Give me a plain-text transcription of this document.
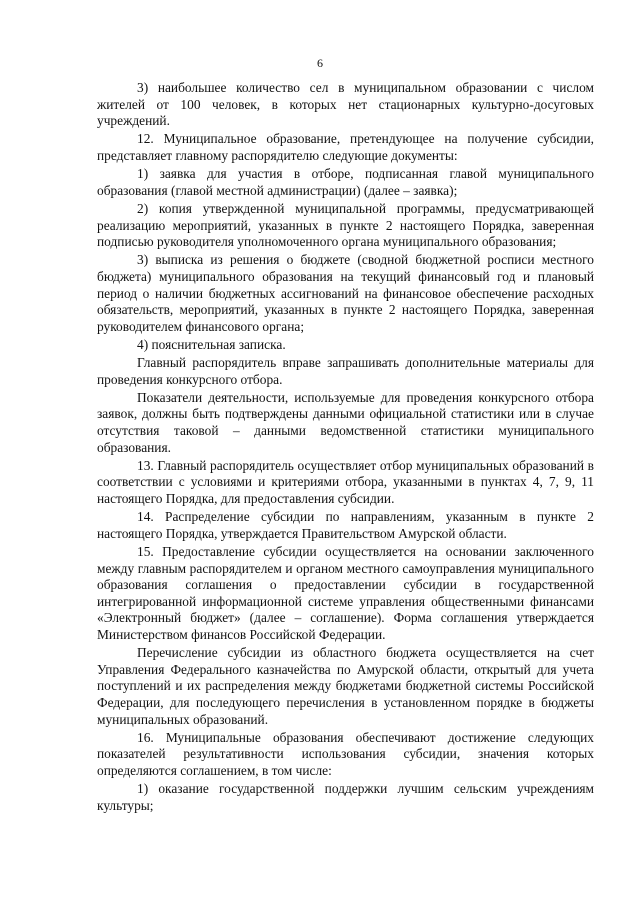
6

3) наибольшее количество сел в муниципальном образовании с числом жителей от 100 человек, в которых нет стационарных культурно-досуговых учреждений.

12. Муниципальное образование, претендующее на получение субсидии, представляет главному распорядителю следующие документы:

1) заявка для участия в отборе, подписанная главой муниципального образования (главой местной администрации) (далее – заявка);

2) копия утвержденной муниципальной программы, предусматривающей реализацию мероприятий, указанных в пункте 2 настоящего Порядка, заверенная подписью руководителя уполномоченного органа муниципального образования;

3) выписка из решения о бюджете (сводной бюджетной росписи местного бюджета) муниципального образования на текущий финансовый год и плановый период о наличии бюджетных ассигнований на финансовое обеспечение расходных обязательств, мероприятий, указанных в пункте 2 настоящего Порядка, заверенная руководителем финансового органа;

4) пояснительная записка.

Главный распорядитель вправе запрашивать дополнительные материалы для проведения конкурсного отбора.

Показатели деятельности, используемые для проведения конкурсного отбора заявок, должны быть подтверждены данными официальной статистики или в случае отсутствия таковой – данными ведомственной статистики муниципального образования.

13. Главный распорядитель осуществляет отбор муниципальных образований в соответствии с условиями и критериями отбора, указанными в пунктах 4, 7, 9, 11 настоящего Порядка, для предоставления субсидии.

14. Распределение субсидии по направлениям, указанным в пункте 2 настоящего Порядка, утверждается Правительством Амурской области.

15. Предоставление субсидии осуществляется на основании заключенного между главным распорядителем и органом местного самоуправления муниципального образования соглашения о предоставлении субсидии в государственной интегрированной информационной системе управления общественными финансами «Электронный бюджет» (далее – соглашение). Форма соглашения утверждается Министерством финансов Российской Федерации.

Перечисление субсидии из областного бюджета осуществляется на счет Управления Федерального казначейства по Амурской области, открытый для учета поступлений и их распределения между бюджетами бюджетной системы Российской Федерации, для последующего перечисления в установленном порядке в бюджеты муниципальных образований.

16. Муниципальные образования обеспечивают достижение следующих показателей результативности использования субсидии, значения которых определяются соглашением, в том числе:

1) оказание государственной поддержки лучшим сельским учреждениям культуры;
